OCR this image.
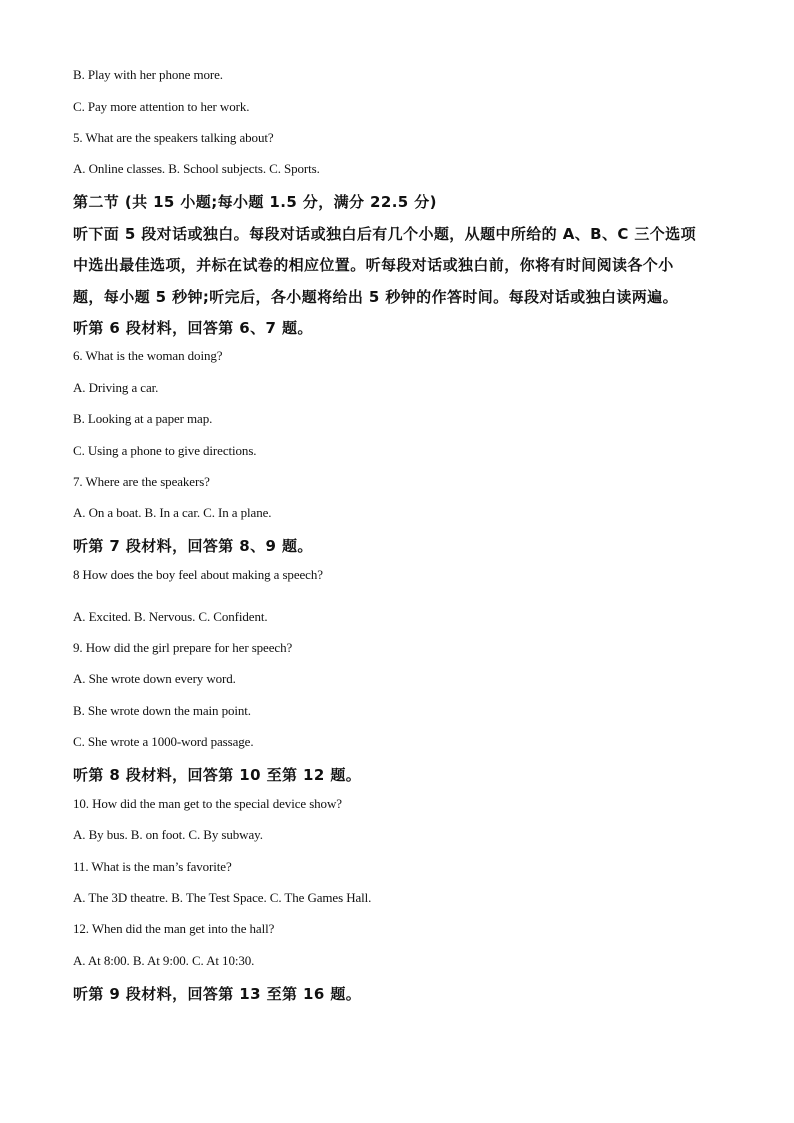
B. Play with her phone more.
C. Pay more attention to her work.
5. What are the speakers talking about?
A. Online classes. B. School subjects. C. Sports.
第二节 (共 15 小题;每小题 1.5 分，满分 22.5 分)
听下面 5 段对话或独白。每段对话或独白后有几个小题，从题中所给的 A、B、C 三个选项
中选出最佳选项，并标在试卷的相应位置。听每段对话或独白前，你将有时间阅读各个小
题，每小题 5 秒钟;听完后，各小题将给出 5 秒钟的作答时间。每段对话或独白读两遍。
听第 6 段材料，回答第 6、7 题。
6. What is the woman doing?
A. Driving a car.
B. Looking at a paper map.
C. Using a phone to give directions.
7. Where are the speakers?
A. On a boat. B. In a car. C. In a plane.
听第 7 段材料，回答第 8、9 题。
8 How does the boy feel about making a speech?
A. Excited. B. Nervous. C. Confident.
9. How did the girl prepare for her speech?
A. She wrote down every word.
B. She wrote down the main point.
C. She wrote a 1000-word passage.
听第 8 段材料，回答第 10 至第 12 题。
10. How did the man get to the special device show?
A. By bus. B. on foot. C. By subway.
11. What is the man’s favorite?
A. The 3D theatre. B. The Test Space. C. The Games Hall.
12. When did the man get into the hall?
A. At 8:00. B. At 9:00. C. At 10:30.
听第 9 段材料，回答第 13 至第 16 题。
